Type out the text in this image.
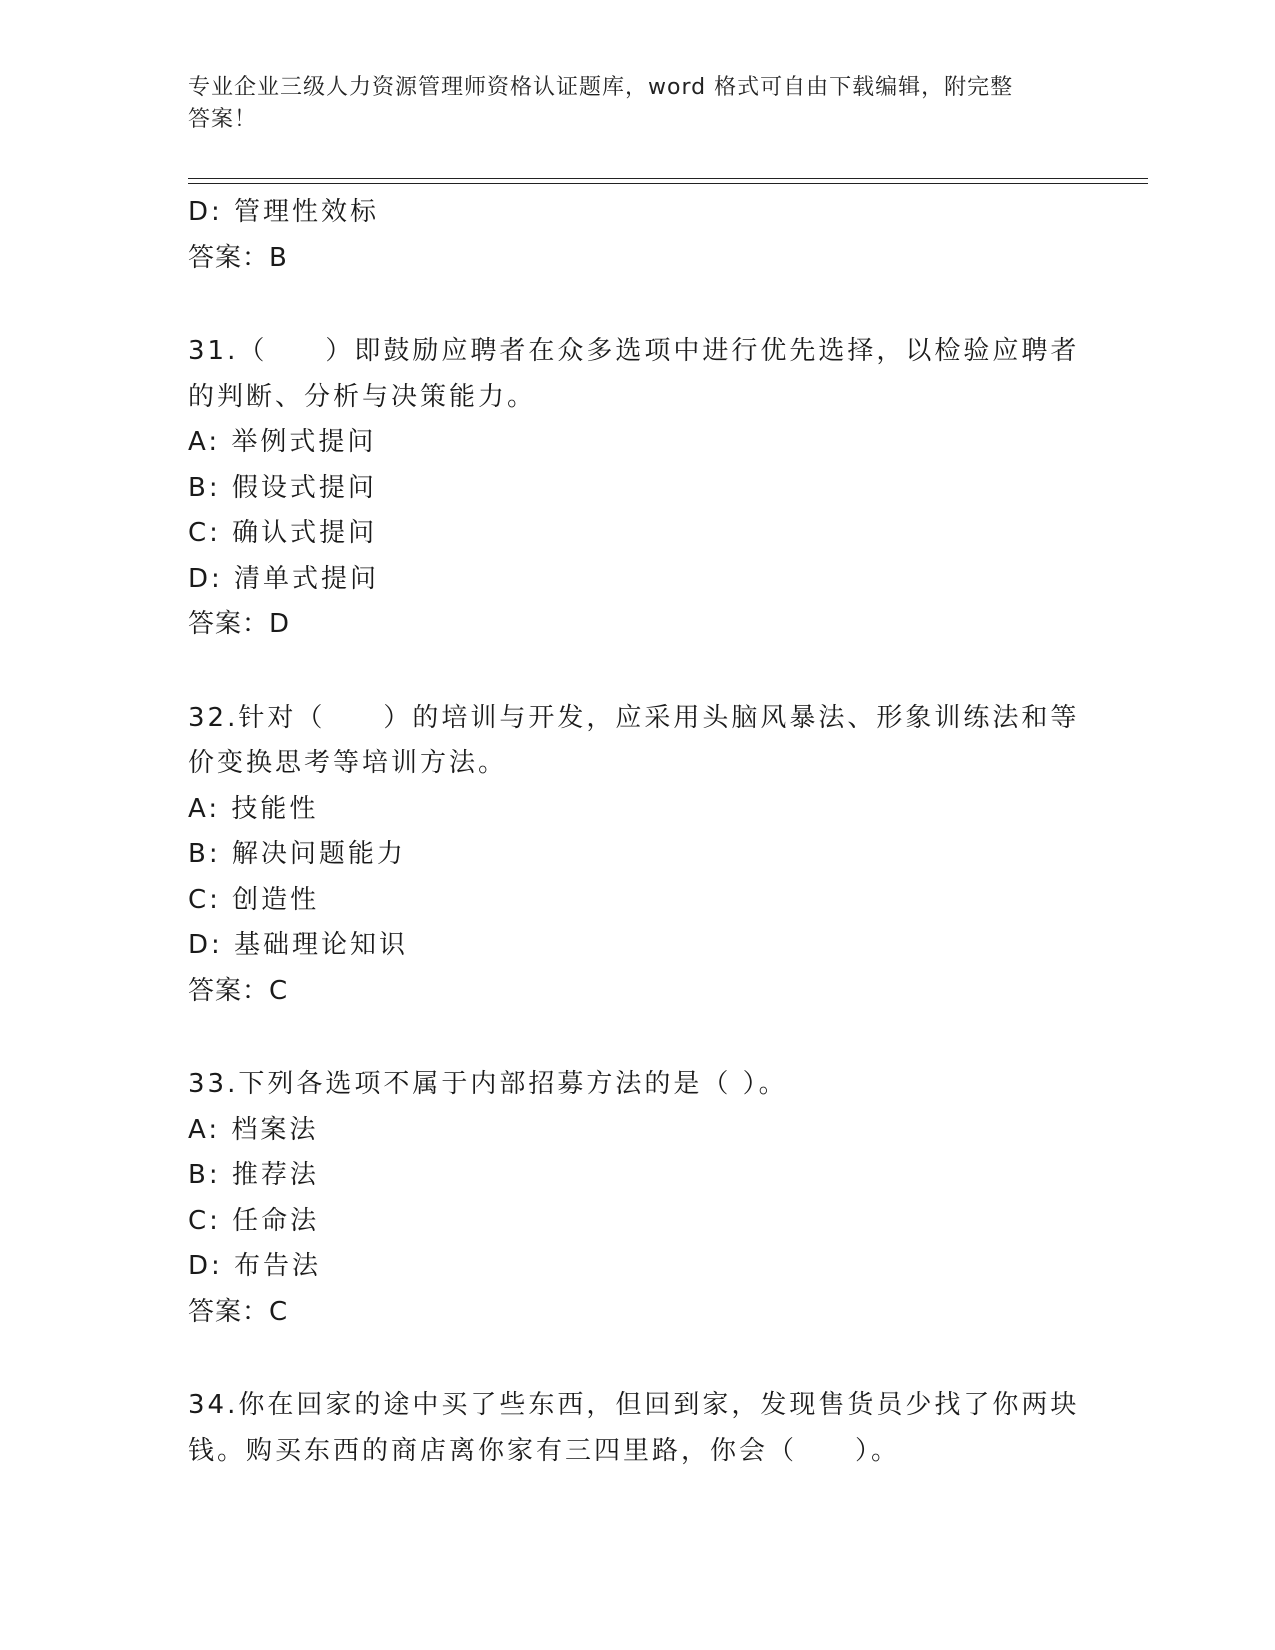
专业企业三级人力资源管理师资格认证题库，word 格式可自由下载编辑，附完整
答案！
D: 管理性效标
答案：B
31.（　　）即鼓励应聘者在众多选项中进行优先选择，以检验应聘者
的判断、分析与决策能力。
A: 举例式提问
B: 假设式提问
C: 确认式提问
D: 清单式提问
答案：D
32.针对（　　）的培训与开发，应采用头脑风暴法、形象训练法和等
价变换思考等培训方法。
A: 技能性
B: 解决问题能力
C: 创造性
D: 基础理论知识
答案：C
33.下列各选项不属于内部招募方法的是（ ）。
A: 档案法
B: 推荐法
C: 任命法
D: 布告法
答案：C
34.你在回家的途中买了些东西，但回到家，发现售货员少找了你两块
钱。购买东西的商店离你家有三四里路，你会（　　）。
